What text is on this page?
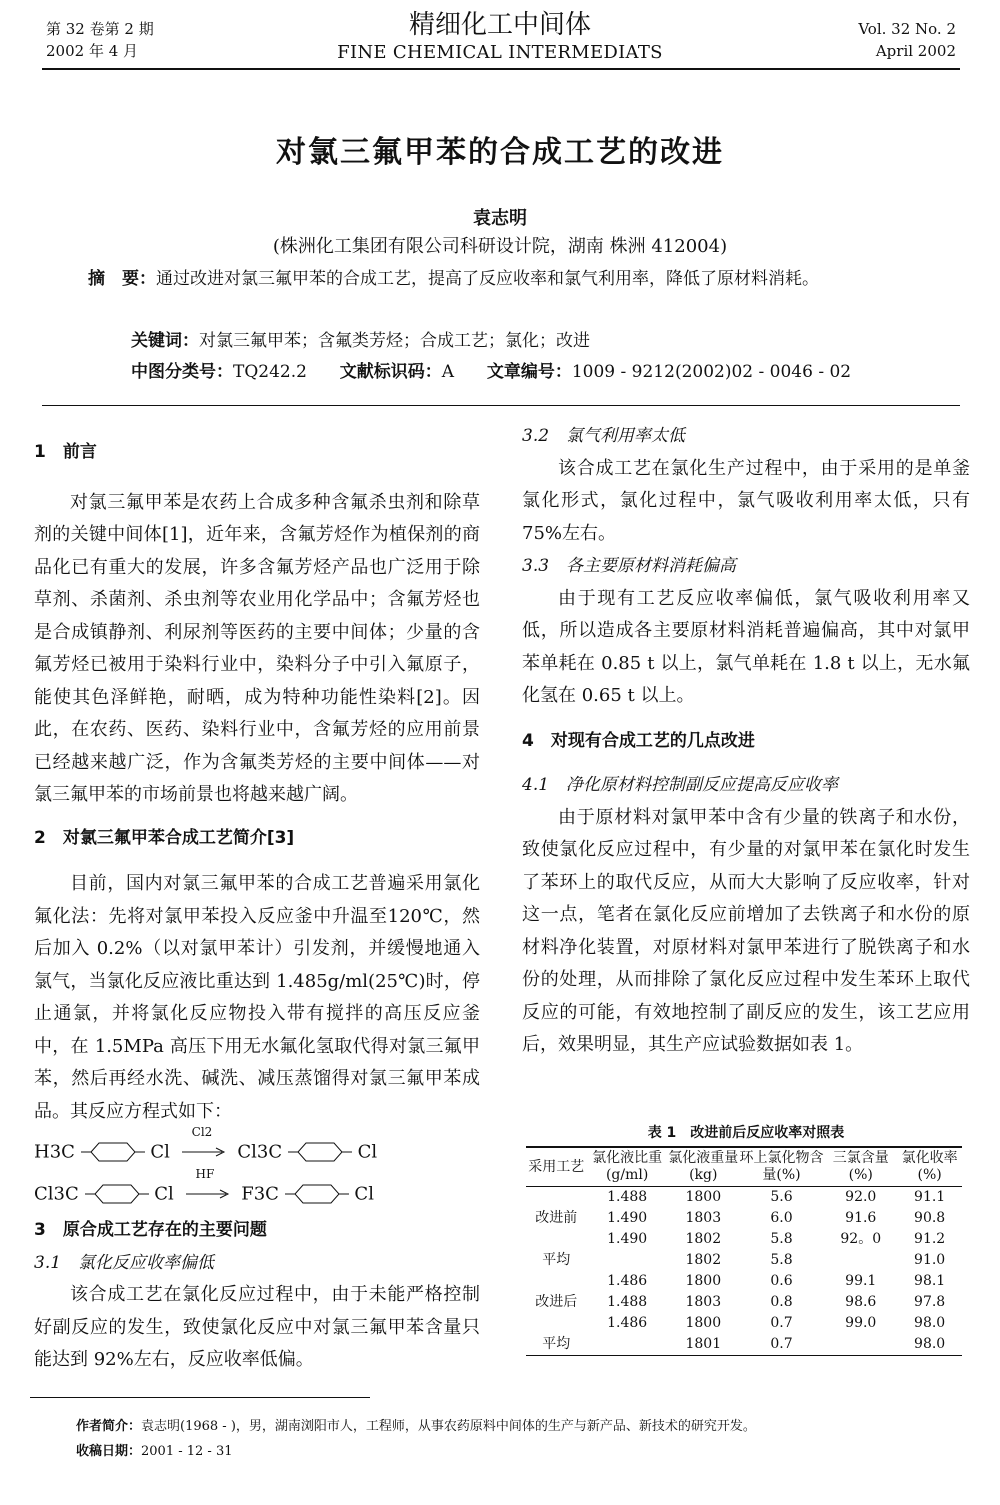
第 32 卷第 2 期
2002 年 4 月
精细化工中间体
FINE CHEMICAL INTERMEDIATS
Vol. 32 No. 2
April 2002
对氯三氟甲苯的合成工艺的改进
袁志明
(株洲化工集团有限公司科研设计院，湖南 株洲 412004)
摘　要：通过改进对氯三氟甲苯的合成工艺，提高了反应收率和氯气利用率，降低了原材料消耗。
关键词：对氯三氟甲苯；含氟类芳烃；合成工艺；氯化；改进
中图分类号：TQ242.2 文献标识码：A 文章编号：1009 - 9212(2002)02 - 0046 - 02
1　前言

对氯三氟甲苯是农药上合成多种含氟杀虫剂和除草剂的关键中间体[1]，近年来，含氟芳烃作为植保剂的商品化已有重大的发展，许多含氟芳烃产品也广泛用于除草剂、杀菌剂、杀虫剂等农业用化学品中；含氟芳烃也是合成镇静剂、利尿剂等医药的主要中间体；少量的含氟芳烃已被用于染料行业中，染料分子中引入氟原子，能使其色泽鲜艳，耐晒，成为特种功能性染料[2]。因此，在农药、医药、染料行业中，含氟芳烃的应用前景已经越来越广泛，作为含氟类芳烃的主要中间体——对氯三氟甲苯的市场前景也将越来越广阔。

2　对氯三氟甲苯合成工艺简介[3]

目前，国内对氯三氟甲苯的合成工艺普遍采用氯化氟化法：先将对氯甲苯投入反应釜中升温至120℃，然后加入 0.2%（以对氯甲苯计）引发剂，并缓慢地通入氯气，当氯化反应液比重达到 1.485g/ml(25℃)时，停止通氯，并将氯化反应物投入带有搅拌的高压反应釜中，在 1.5MPa 高压下用无水氟化氢取代得对氯三氟甲苯，然后再经水洗、碱洗、减压蒸馏得对氯三氟甲苯成品。其反应方程式如下：

H3C	Cl
Cl2
Cl3C	Cl
Cl3C	Cl
HF
F3C	Cl
3　原合成工艺存在的主要问题
3.1　氯化反应收率偏低

该合成工艺在氯化反应过程中，由于未能严格控制好副反应的发生，致使氯化反应中对氯三氟甲苯含量只能达到 92%左右，反应收率低偏。

3.2　氯气利用率太低

该合成工艺在氯化生产过程中，由于采用的是单釜氯化形式，氯化过程中，氯气吸收利用率太低，只有 75%左右。

3.3　各主要原材料消耗偏高

由于现有工艺反应收率偏低，氯气吸收利用率又低，所以造成各主要原材料消耗普遍偏高，其中对氯甲苯单耗在 0.85 t 以上，氯气单耗在 1.8 t 以上，无水氟化氢在 0.65 t 以上。

4　对现有合成工艺的几点改进
4.1　净化原材料控制副反应提高反应收率

由于原材料对氯甲苯中含有少量的铁离子和水份，致使氯化反应过程中，有少量的对氯甲苯在氯化时发生了苯环上的取代反应，从而大大影响了反应收率，针对这一点，笔者在氯化反应前增加了去铁离子和水份的原材料净化装置，对原材料对氯甲苯进行了脱铁离子和水份的处理，从而排除了氯化反应过程中发生苯环上取代反应的可能，有效地控制了副反应的发生，该工艺应用后，效果明显，其生产应试验数据如表 1。

表 1　改进前后反应收率对照表
采用工艺	氯化液比重(g/ml)	氯化液重量(kg)	环上氯化物含量(%)	三氯含量(%)	氯化收率(%)
	1.488	1800	5.6	92.0	91.1
改进前	1.490	1803	6.0	91.6	90.8
	1.490	1802	5.8	92。0	91.2
平均		1802	5.8		91.0
	1.486	1800	0.6	99.1	98.1
改进后	1.488	1803	0.8	98.6	97.8
	1.486	1800	0.7	99.0	98.0
平均		1801	0.7		98.0
作者简介：袁志明(1968 - )，男，湖南浏阳市人，工程师，从事农药原料中间体的生产与新产品、新技术的研究开发。
收稿日期：2001 - 12 - 31
